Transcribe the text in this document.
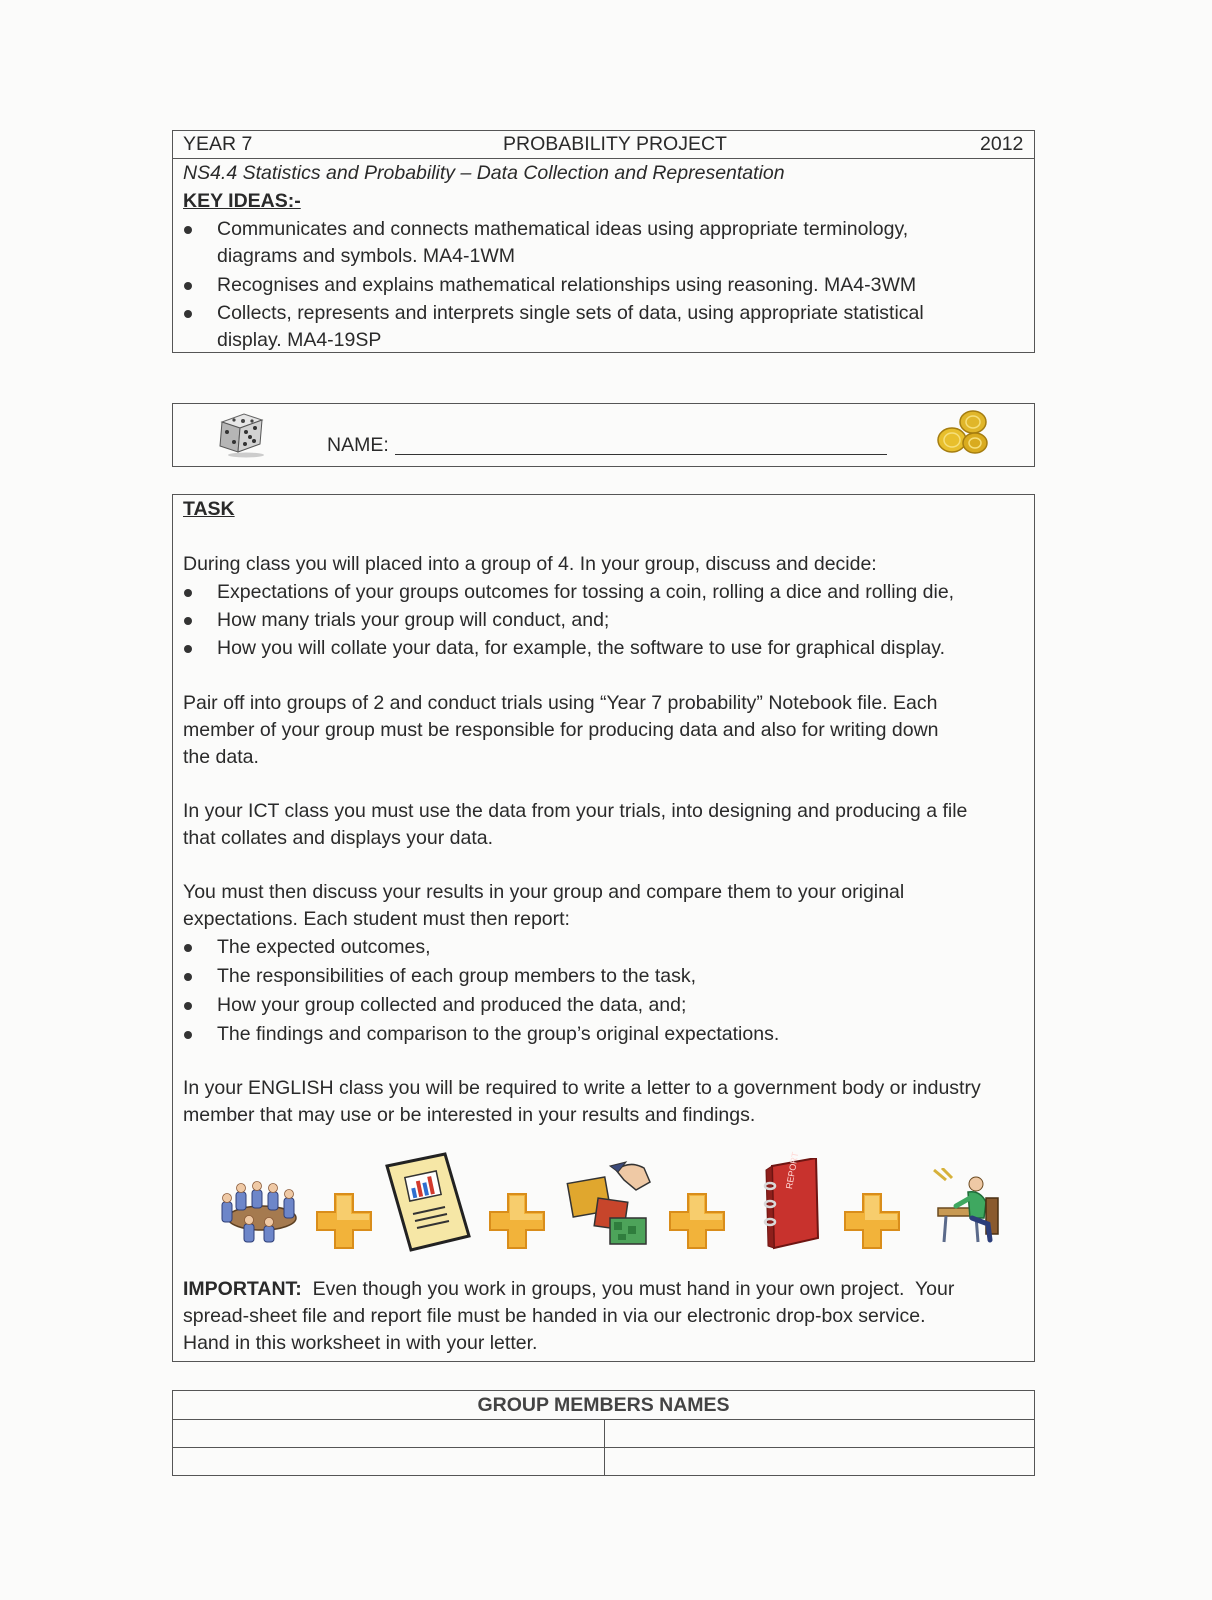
YEAR 7	PROBABILITY PROJECT	2012
NS4.4 Statistics and Probability – Data Collection and Representation
KEY IDEAS:-
Communicates and connects mathematical ideas using appropriate terminology,
diagrams and symbols. MA4-1WM
Recognises and explains mathematical relationships using reasoning. MA4-3WM
Collects, represents and interprets single sets of data, using appropriate statistical
display. MA4-19SP
NAME:
TASK
During class you will placed into a group of 4. In your group, discuss and decide:
Expectations of your groups outcomes for tossing a coin, rolling a dice and rolling die,
How many trials your group will conduct, and;
How you will collate your data, for example, the software to use for graphical display.
Pair off into groups of 2 and conduct trials using “Year 7 probability” Notebook file. Each
member of your group must be responsible for producing data and also for writing down
the data.
In your ICT class you must use the data from your trials, into designing and producing a file
that collates and displays your data.
You must then discuss your results in your group and compare them to your original
expectations. Each student must then report:
The expected outcomes,
The responsibilities of each group members to the task,
How your group collected and produced the data, and;
The findings and comparison to the group’s original expectations.
In your ENGLISH class you will be required to write a letter to a government body or industry
member that may use or be interested in your results and findings.
REPORT
IMPORTANT:  Even though you work in groups, you must hand in your own project.  Your
spread-sheet file and report file must be handed in via our electronic drop-box service.
Hand in this worksheet in with your letter.
GROUP MEMBERS NAMES
